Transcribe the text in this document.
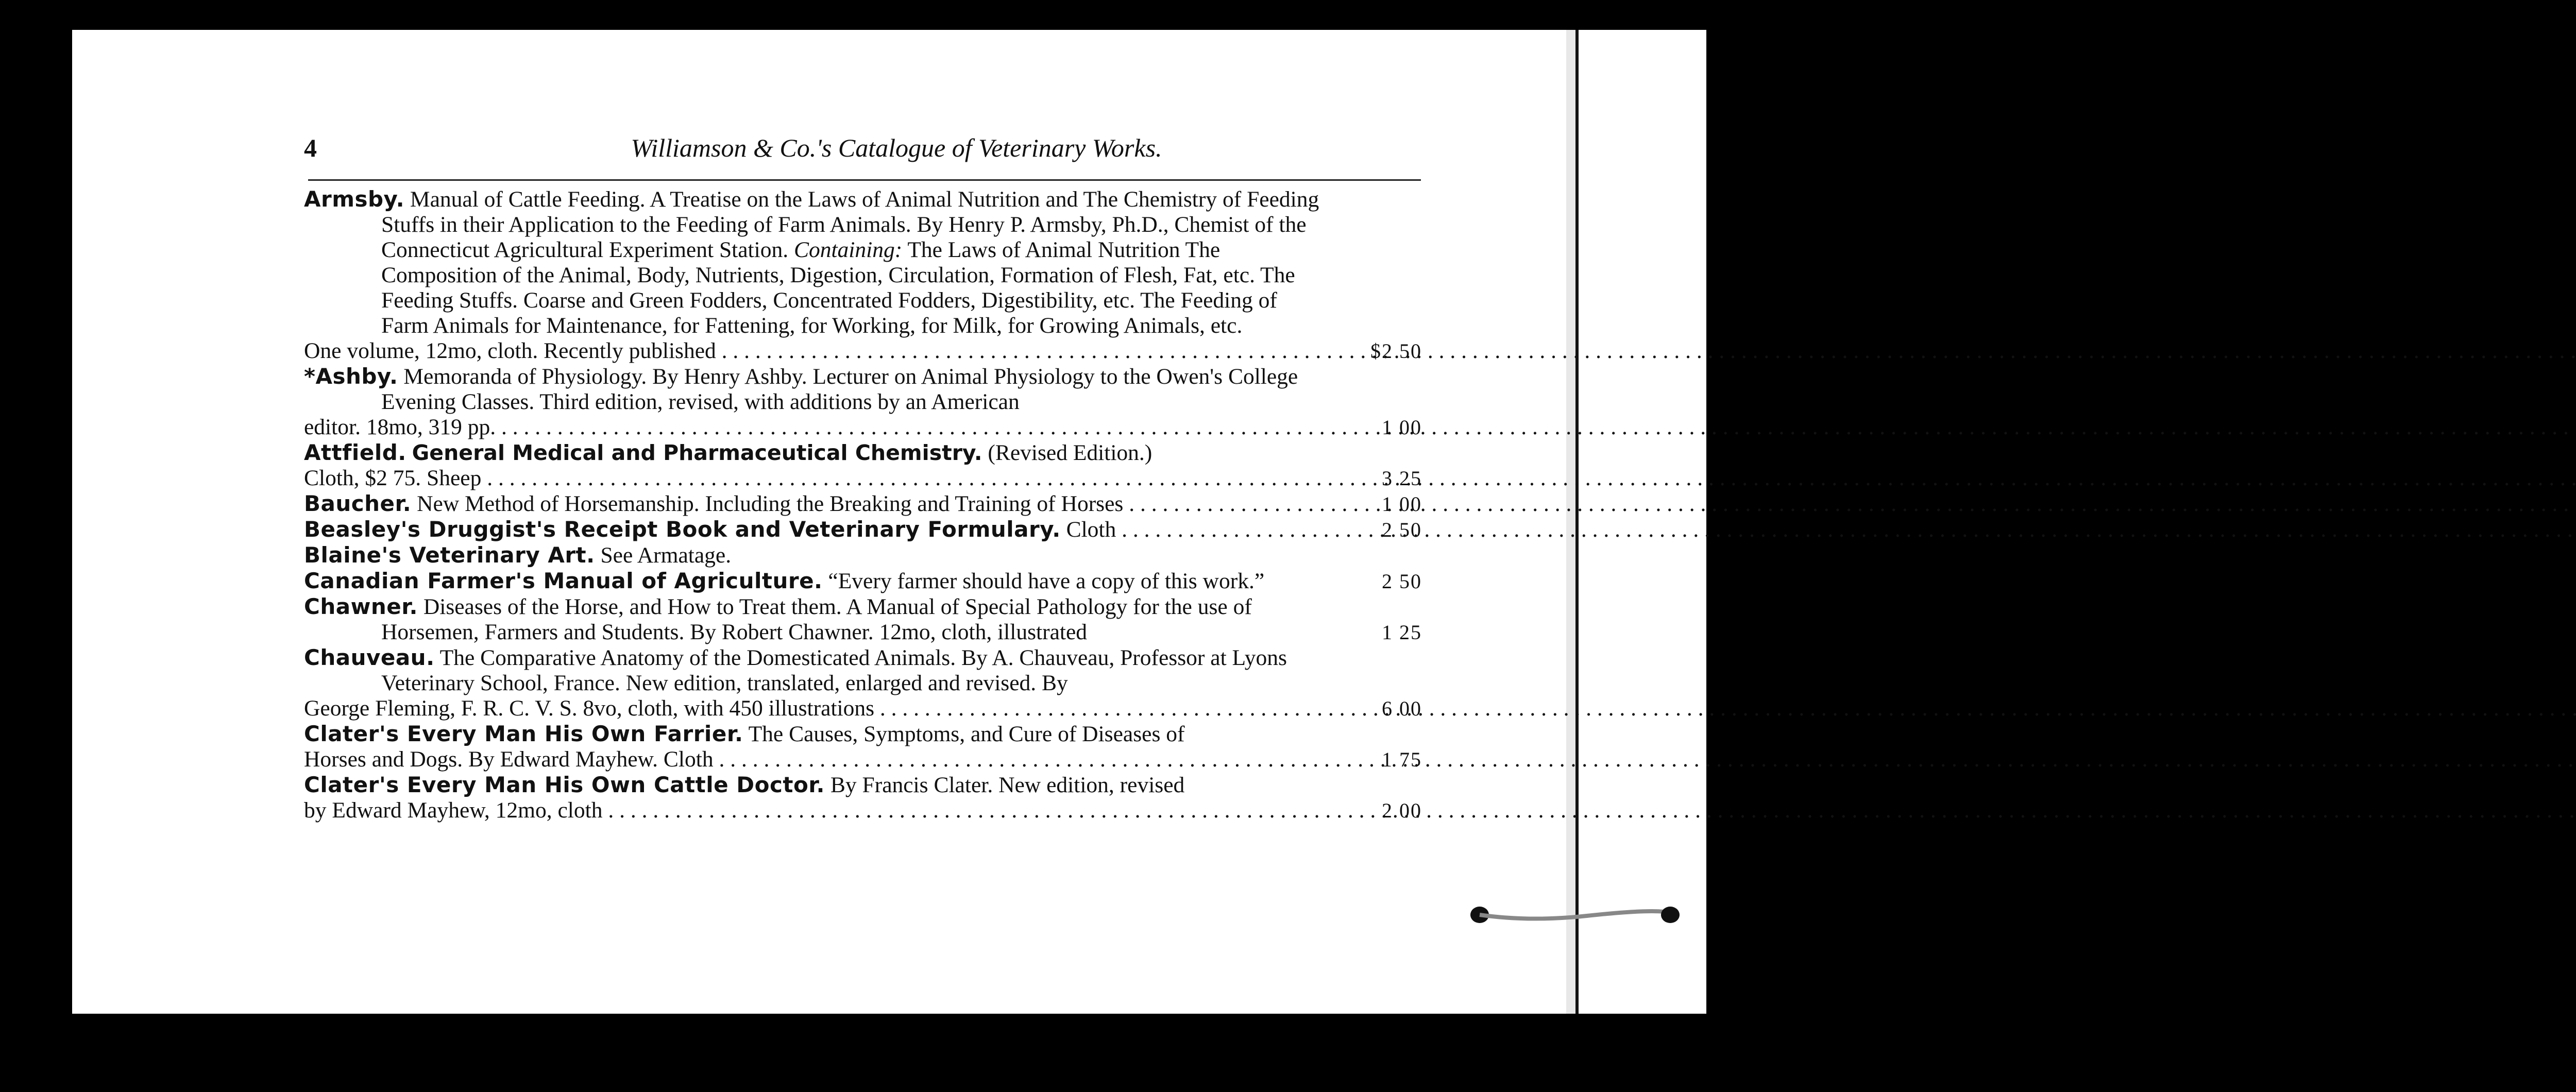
4	Williamson & Co.'s Catalogue of Veterinary Works.

Armsby. Manual of Cattle Feeding. A Treatise on the Laws of Animal Nutrition and The Chemistry of Feeding Stuffs in their Application to the Feeding of Farm Animals. By Henry P. Armsby, Ph.D., Chemist of the Connecticut Agricultural Experiment Station. Containing: The Laws of Animal Nutrition The Composition of the Animal, Body, Nutrients, Digestion, Circulation, Formation of Flesh, Fat, etc. The Feeding Stuffs. Coarse and Green Fodders, Concentrated Fodders, Digestibility, etc. The Feeding of Farm Animals for Maintenance, for Fattening, for Working, for Milk, for Growing Animals, etc.
One volume, 12mo, cloth. Recently published . . .	$2 50

*Ashby. Memoranda of Physiology. By Henry Ashby. Lecturer on Animal Physiology to the Owen's College Evening Classes. Third edition, revised, with additions by an American
editor. 18mo, 319 pp. . . .	1 00

Attfield. General Medical and Pharmaceutical Chemistry. (Revised Edition.)
Cloth, $2 75. Sheep . . .	3 25

Baucher. New Method of Horsemanship. Including the Breaking and Training of Horses . . .	1 00

Beasley's Druggist's Receipt Book and Veterinary Formulary. Cloth . . .	2 50

Blaine's Veterinary Art. See Armatage.

Canadian Farmer's Manual of Agriculture. “Every farmer should have a copy of this work.”	2 50

Chawner. Diseases of the Horse, and How to Treat them. A Manual of Special Pathology for the use of Horsemen, Farmers and Students. By Robert Chawner. 12mo, cloth, illustrated	1 25

Chauveau. The Comparative Anatomy of the Domesticated Animals. By A. Chauveau, Professor at Lyons Veterinary School, France. New edition, translated, enlarged and revised. By
George Fleming, F. R. C. V. S. 8vo, cloth, with 450 illustrations . . .	6 00

Clater's Every Man His Own Farrier. The Causes, Symptoms, and Cure of Diseases of
Horses and Dogs. By Edward Mayhew. Cloth . . .	1 75

Clater's Every Man His Own Cattle Doctor. By Francis Clater. New edition, revised
by Edward Mayhew, 12mo, cloth . . .	2 00
